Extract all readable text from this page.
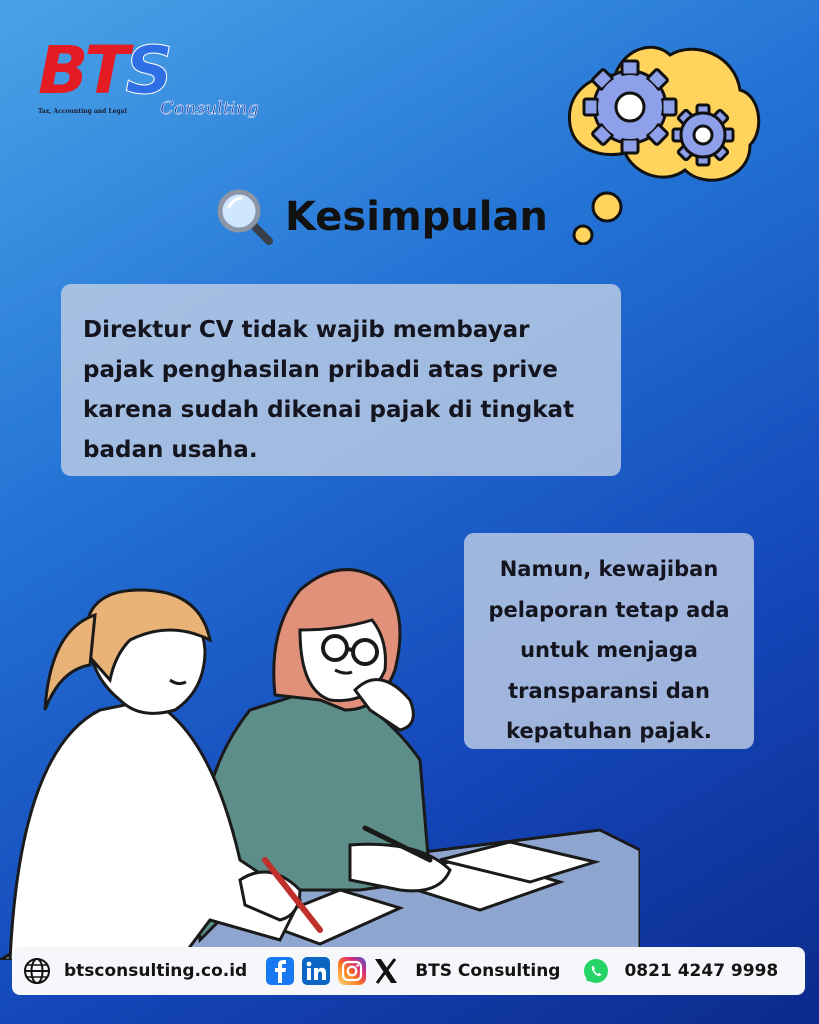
BTS
Tax, Accounting and Legal Consulting
Kesimpulan

Direktur CV tidak wajib membayar

pajak penghasilan pribadi atas prive

karena sudah dikenai pajak di tingkat

badan usaha.

Namun, kewajiban

pelaporan tetap ada

untuk menjaga

transparansi dan

kepatuhan pajak.

btsconsulting.co.id	BTS Consulting	0821 4247 9998
